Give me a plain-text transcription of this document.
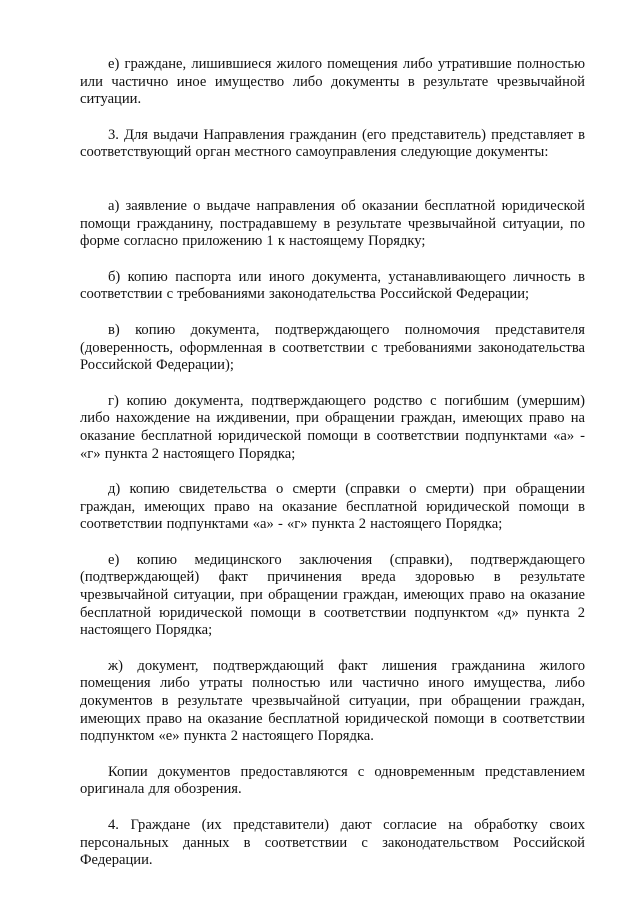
е) граждане, лишившиеся жилого помещения либо утратившие полностью или частично иное имущество либо документы в результате чрезвычайной ситуации.

3. Для выдачи Направления гражданин (его представитель) представляет в соответствующий орган местного самоуправления следующие документы:

а) заявление о выдаче направления об оказании бесплатной юридической помощи гражданину, пострадавшему в результате чрезвычайной ситуации, по форме согласно приложению 1 к настоящему Порядку;

б) копию паспорта или иного документа, устанавливающего личность в соответствии с требованиями законодательства Российской Федерации;

в) копию документа, подтверждающего полномочия представителя (доверенность, оформленная в соответствии с требованиями законодательства Российской Федерации);

г) копию документа, подтверждающего родство с погибшим (умершим) либо нахождение на иждивении, при обращении граждан, имеющих право на оказание бесплатной юридической помощи в соответствии подпунктами «а» - «г» пункта 2 настоящего Порядка;

д) копию свидетельства о смерти (справки о смерти) при обращении граждан, имеющих право на оказание бесплатной юридической помощи в соответствии подпунктами «а» - «г» пункта 2 настоящего Порядка;

е) копию медицинского заключения (справки), подтверждающего (подтверждающей) факт причинения вреда здоровью в результате чрезвычайной ситуации, при обращении граждан, имеющих право на оказание бесплатной юридической помощи в соответствии подпунктом «д» пункта 2 настоящего Порядка;

ж) документ, подтверждающий факт лишения гражданина жилого помещения либо утраты полностью или частично иного имущества, либо документов в результате чрезвычайной ситуации, при обращении граждан, имеющих право на оказание бесплатной юридической помощи в соответствии подпунктом «е» пункта 2 настоящего Порядка.

Копии документов предоставляются с одновременным представлением оригинала для обозрения.

4. Граждане (их представители) дают согласие на обработку своих персональных данных в соответствии с законодательством Российской Федерации.
